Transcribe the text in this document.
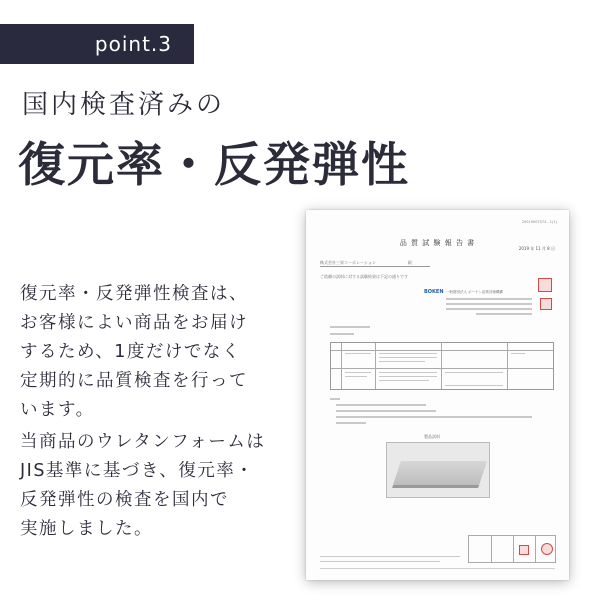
point.3
国内検査済みの
復元率・反発弾性
復元率・反発弾性検査は、
お客様によい商品をお届け
するため、1度だけでなく
定期的に品質検査を行って
います。
当商品のウレタンフォームは
JIS基準に基づき、復元率・
反発弾性の検査を国内で
実施しました。
25019007574 - 1(1)
品 質 試 験 報 告 書
2019 年 11 月 8 日
株式会社三栄コーポレーション　　　　　　　　殿
ご依頼の試料に対する試験結果は下記の通りです
BOKEN 一般財団法人 ボーケン品質評価機構
製品試料
